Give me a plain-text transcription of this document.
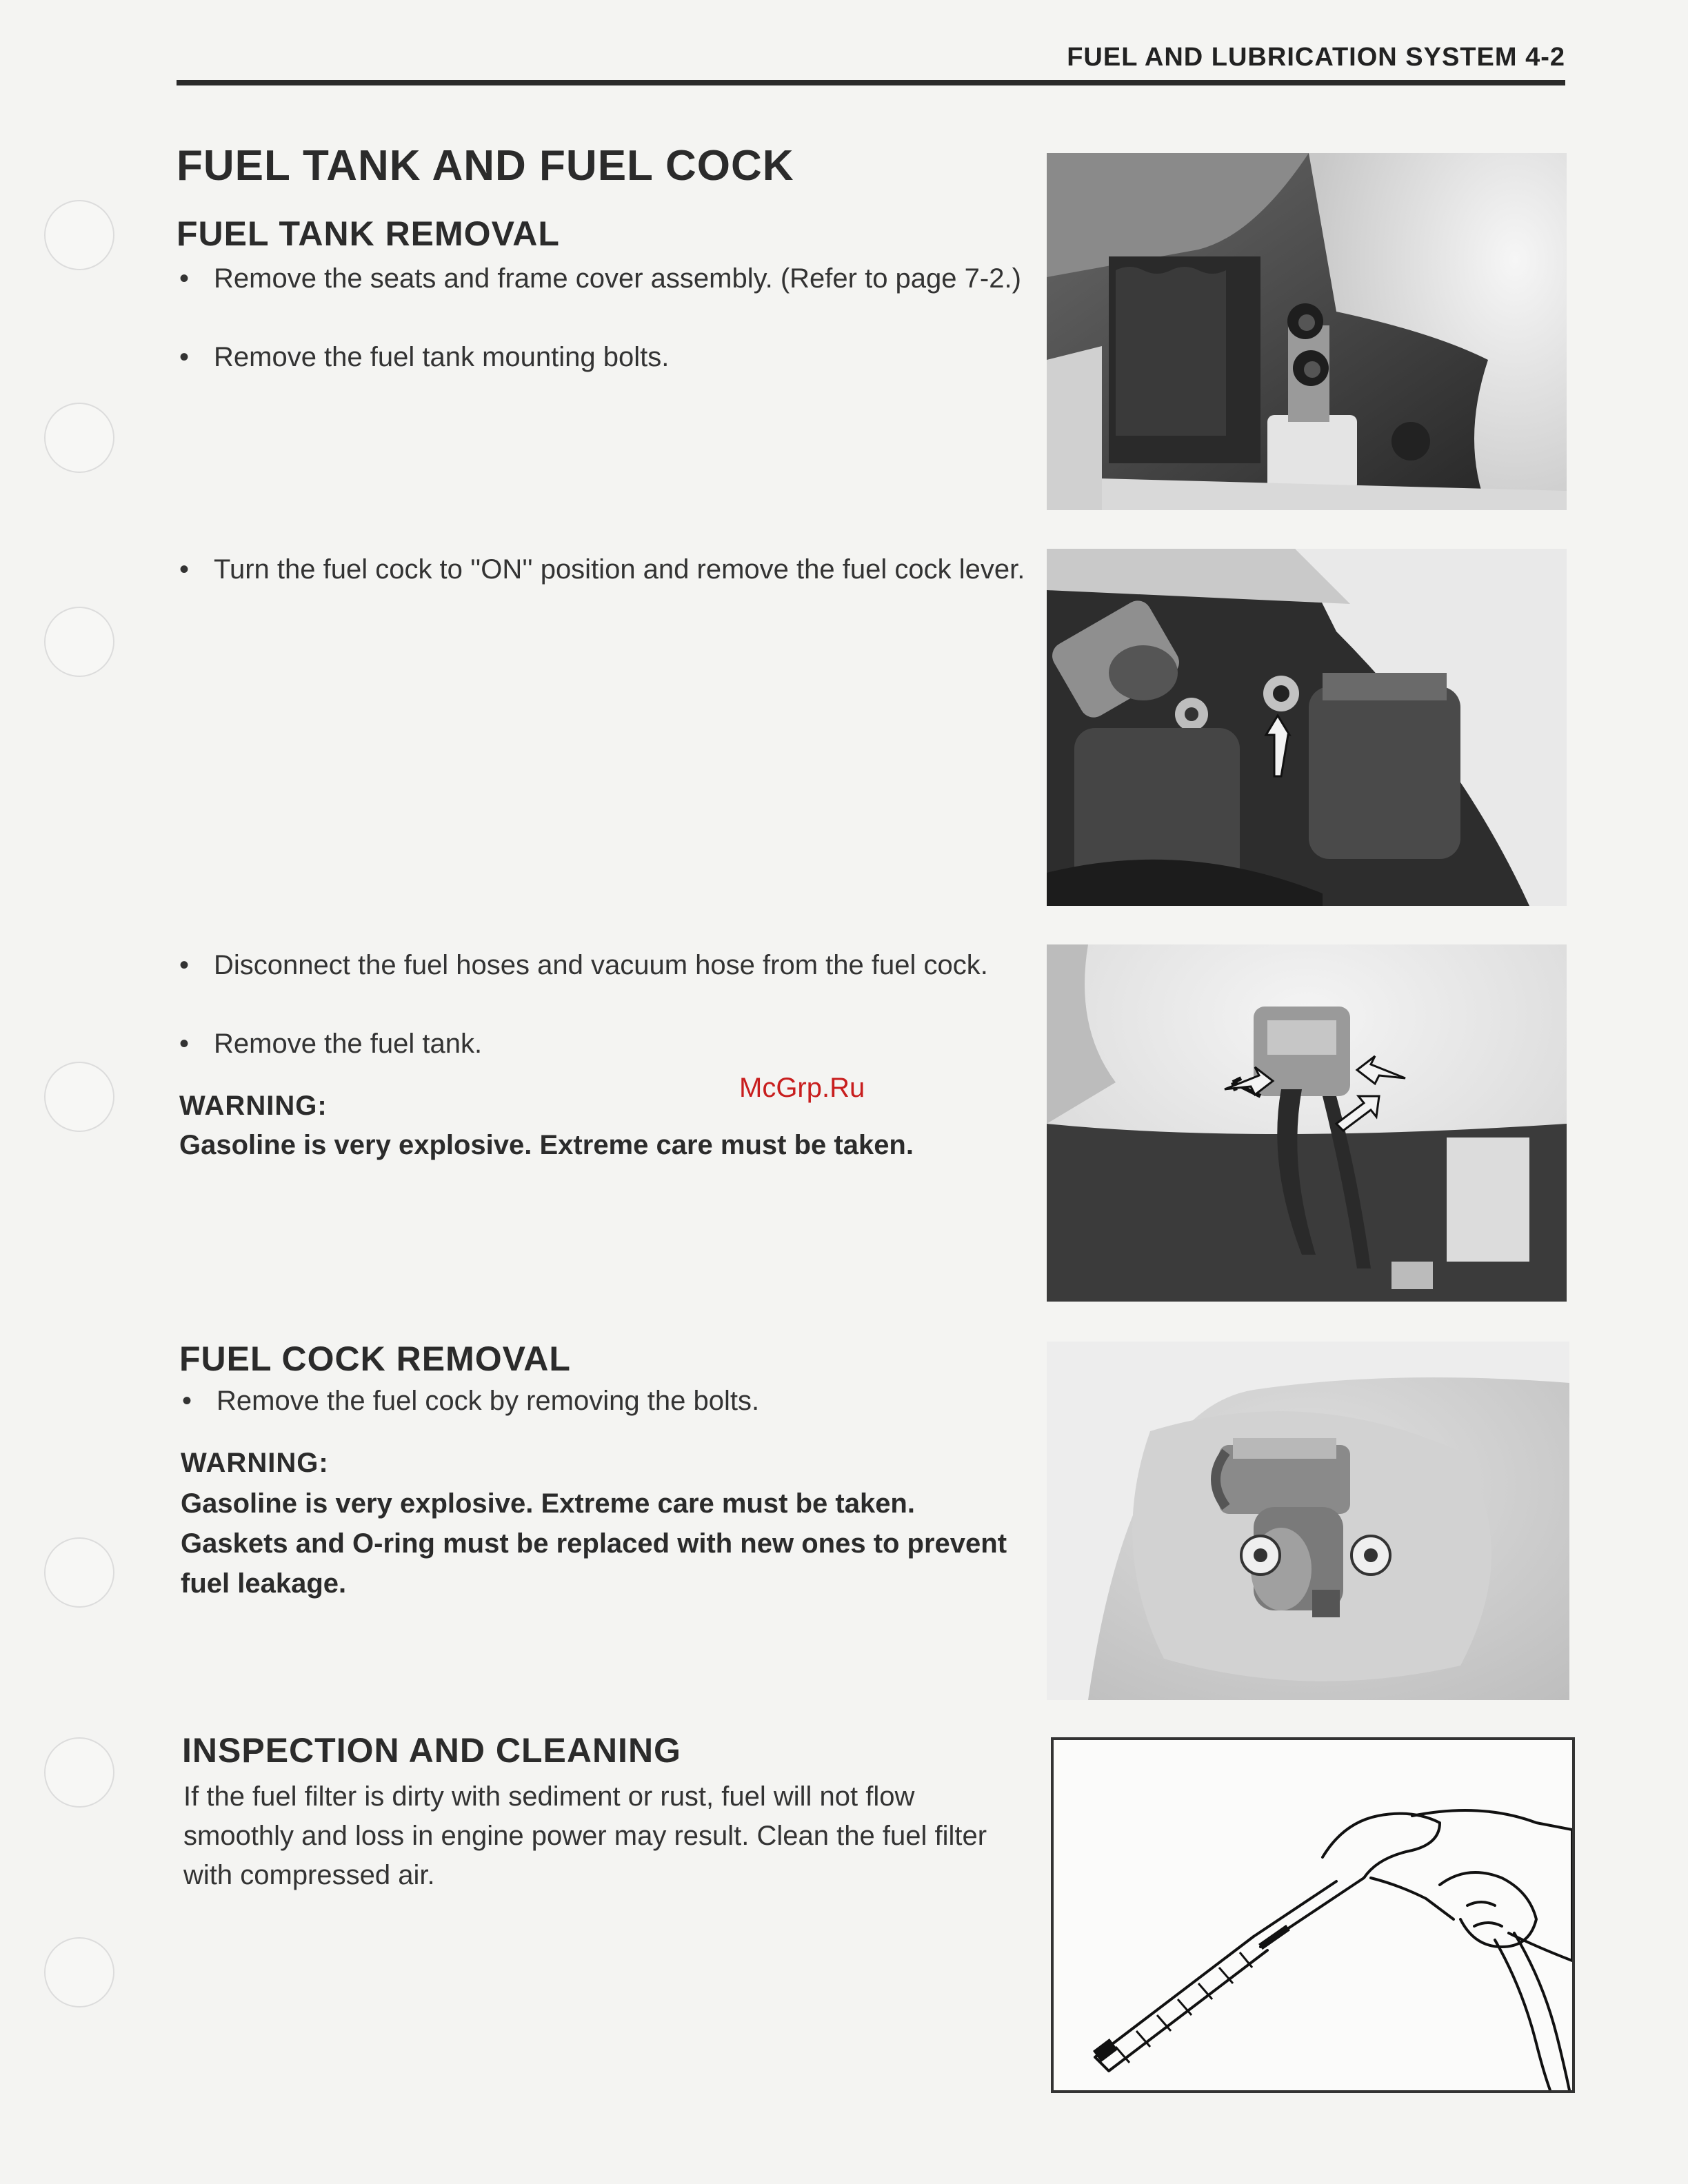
FUEL AND LUBRICATION SYSTEM 4-2
FUEL TANK AND FUEL COCK
FUEL TANK REMOVAL
• Remove the seats and frame cover assembly. (Refer to page 7-2.)
• Remove the fuel tank mounting bolts.
• Turn the fuel cock to ''ON'' position and remove the fuel cock lever.
• Disconnect the fuel hoses and vacuum hose from the fuel cock.
• Remove the fuel tank.
WARNING:
Gasoline is very explosive. Extreme care must be taken.
McGrp.Ru
FUEL COCK REMOVAL
• Remove the fuel cock by removing the bolts.
WARNING:
Gasoline is very explosive. Extreme care must be taken. Gaskets and O-ring must be replaced with new ones to prevent fuel leakage.
INSPECTION AND CLEANING
If the fuel filter is dirty with sediment or rust, fuel will not flow smoothly and loss in engine power may result. Clean the fuel filter with compressed air.
